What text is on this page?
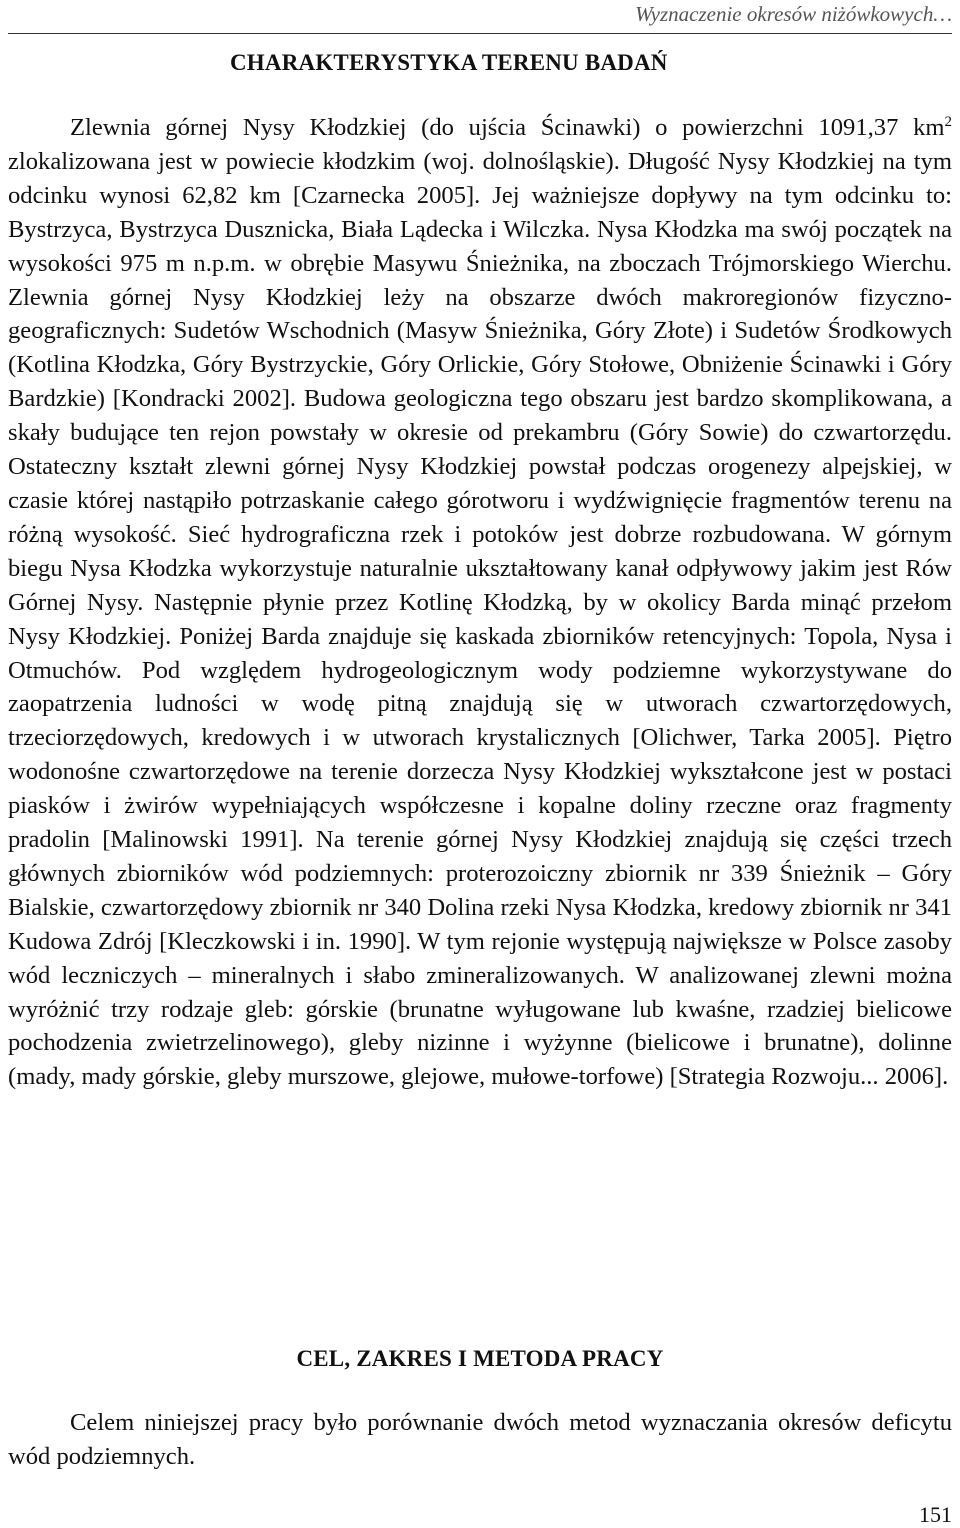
Wyznaczenie okresów niżówkowych…
CHARAKTERYSTYKA TERENU BADAŃ

Zlewnia górnej Nysy Kłodzkiej (do ujścia Ścinawki) o powierzchni 1091,37 $km^2$ zlokalizowana jest w powiecie kłodzkim (woj. dolnośląskie). Długość Nysy Kłodzkiej na tym odcinku wynosi 62,82 km [Czarnecka 2005]. Jej ważniejsze dopływy na tym odcinku to: Bystrzyca, Bystrzyca Dusznicka, Biała Lądecka i Wilczka. Nysa Kłodzka ma swój początek na wysokości 975 m n.p.m. w obrębie Masywu Śnieżnika, na zboczach Trójmorskiego Wierchu. Zlewnia górnej Nysy Kłodzkiej leży na obszarze dwóch makroregionów fizyczno-geograficznych: Sudetów Wschodnich (Masyw Śnieżnika, Góry Złote) i Sudetów Środkowych (Kotlina Kłodzka, Góry Bystrzyckie, Góry Orlickie, Góry Stołowe, Obniżenie Ścinawki i Góry Bardzkie) [Kondracki 2002]. Budowa geologiczna tego obszaru jest bardzo skomplikowana, a skały budujące ten rejon powstały w okresie od prekambru (Góry Sowie) do czwartorzędu. Ostateczny kształt zlewni górnej Nysy Kłodzkiej powstał podczas orogenezy alpejskiej, w czasie której nastąpiło potrzaskanie całego górotworu i wydźwignięcie fragmentów terenu na różną wysokość. Sieć hydrograficzna rzek i potoków jest dobrze rozbudowana. W górnym biegu Nysa Kłodzka wykorzystuje naturalnie ukształtowany kanał odpływowy jakim jest Rów Górnej Nysy. Następnie płynie przez Kotlinę Kłodzką, by w okolicy Barda minąć przełom Nysy Kłodzkiej. Poniżej Barda znajduje się kaskada zbiorników retencyjnych: Topola, Nysa i Otmuchów. Pod względem hydrogeologicznym wody podziemne wykorzystywane do zaopatrzenia ludności w wodę pitną znajdują się w utworach czwartorzędowych, trzeciorzędowych, kredowych i w utworach krystalicznych [Olichwer, Tarka 2005]. Piętro wodonośne czwartorzędowe na terenie dorzecza Nysy Kłodzkiej wykształcone jest w postaci piasków i żwirów wypełniających współczesne i kopalne doliny rzeczne oraz fragmenty pradolin [Malinowski 1991]. Na terenie górnej Nysy Kłodzkiej znajdują się części trzech głównych zbiorników wód podziemnych: proterozoiczny zbiornik nr 339 Śnieżnik – Góry Bialskie, czwartorzędowy zbiornik nr 340 Dolina rzeki Nysa Kłodzka, kredowy zbiornik nr 341 Kudowa Zdrój [Kleczkowski i in. 1990]. W tym rejonie występują największe w Polsce zasoby wód leczniczych – mineralnych i słabo zmineralizowanych. W analizowanej zlewni można wyróżnić trzy rodzaje gleb: górskie (brunatne wyługowane lub kwaśne, rzadziej bielicowe pochodzenia zwietrzelinowego), gleby nizinne i wyżynne (bielicowe i brunatne), dolinne (mady, mady górskie, gleby murszowe, glejowe, mułowe-torfowe) [Strategia Rozwoju... 2006].

CEL, ZAKRES I METODA PRACY

Celem niniejszej pracy było porównanie dwóch metod wyznaczania okresów deficytu wód podziemnych.

151
